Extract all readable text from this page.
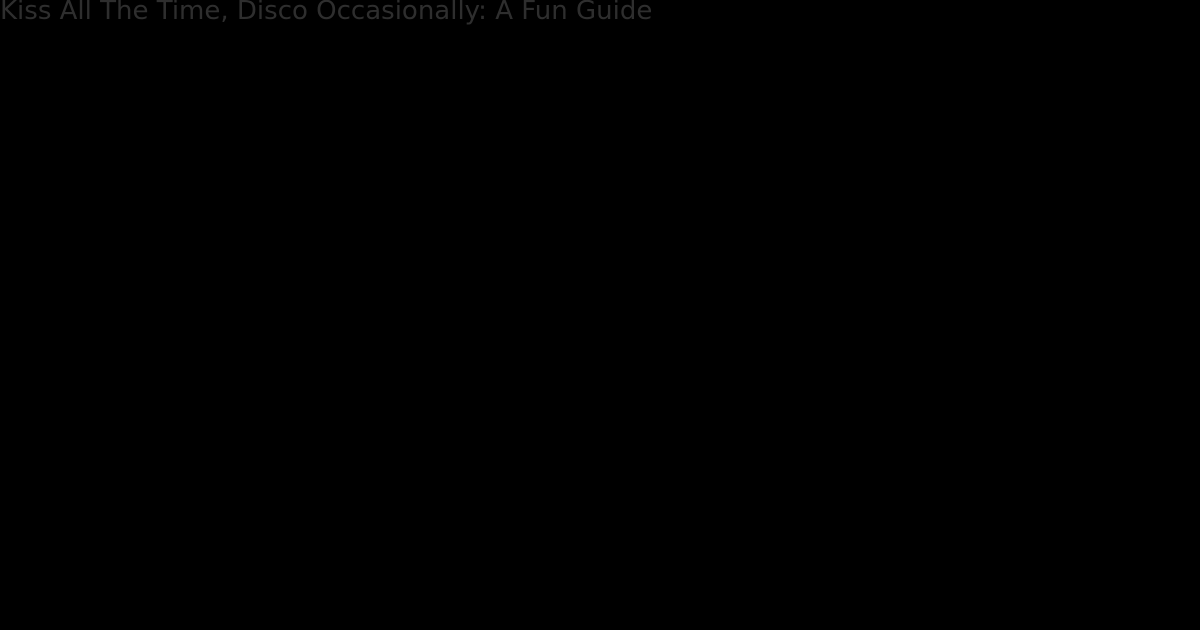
Kiss All The Time, Disco Occasionally: A Fun Guide
